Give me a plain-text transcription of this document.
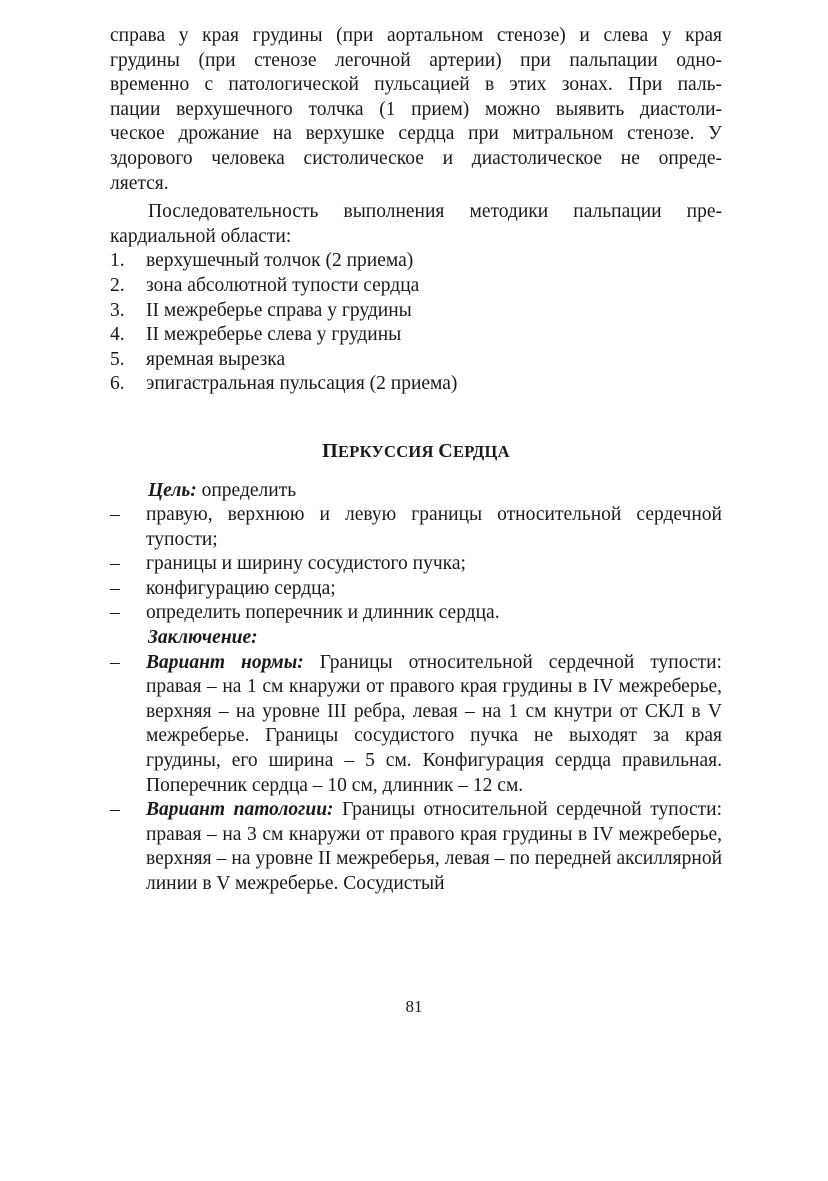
справа у края грудины (при аортальном стенозе) и слева у края
грудины (при стенозе легочной артерии) при пальпации одно-
временно с патологической пульсацией в этих зонах. При паль-
пации верхушечного толчка (1 прием) можно выявить диастоли-
ческое дрожание на верхушке сердца при митральном стенозе. У
здорового человека систолическое и диастолическое не опреде-
ляется.

Последовательность выполнения методики пальпации пре-
кардиальной области:

1. верхушечный толчок (2 приема)
2. зона абсолютной тупости сердца
3. II межреберье справа у грудины
4. II межреберье слева у грудины
5. яремная вырезка
6. эпигастральная пульсация (2 приема)
ПЕРКУССИЯ СЕРДЦА
Цель: определить
– правую, верхнюю и левую границы относительной сердечной тупости;
– границы и ширину сосудистого пучка;
– конфигурацию сердца;
– определить поперечник и длинник сердца.
Заключение:
– Вариант нормы: Границы относительной сердечной тупости: правая – на 1 см кнаружи от правого края грудины в IV межреберье, верхняя – на уровне III ребра, левая – на 1 см кнутри от СКЛ в V межреберье. Границы сосудистого пучка не выходят за края грудины, его ширина – 5 см. Конфигурация сердца правильная. Поперечник сердца – 10 см, длинник – 12 см.
– Вариант патологии: Границы относительной сердечной тупости: правая – на 3 см кнаружи от правого края грудины в IV межреберье, верхняя – на уровне II межреберья, левая – по передней аксиллярной линии в V межреберье. Сосудистый
81
